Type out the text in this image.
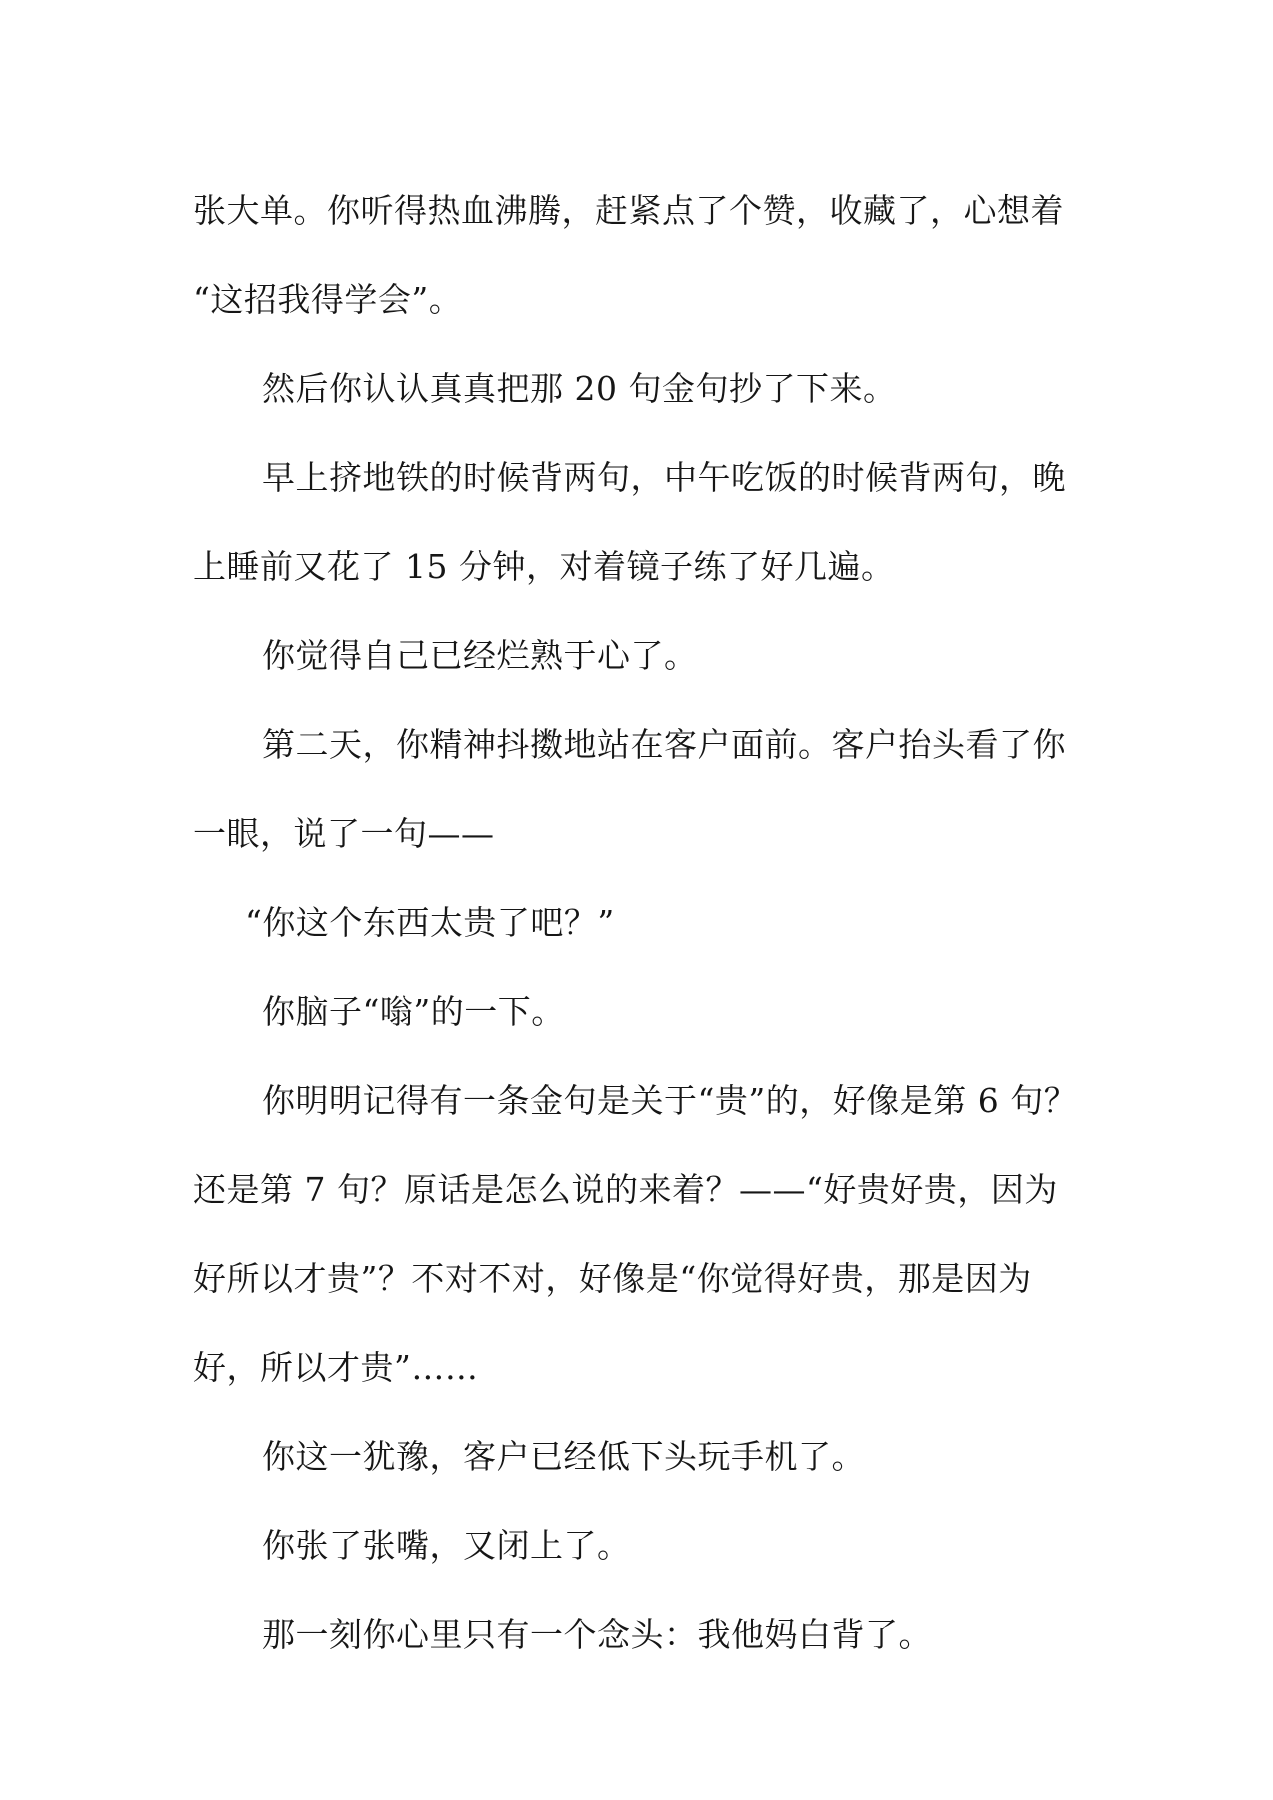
张大单。你听得热血沸腾，赶紧点了个赞，收藏了，心想着

“这招我得学会”。

然后你认认真真把那 20 句金句抄了下来。

早上挤地铁的时候背两句，中午吃饭的时候背两句，晚

上睡前又花了 15 分钟，对着镜子练了好几遍。

你觉得自己已经烂熟于心了。

第二天，你精神抖擞地站在客户面前。客户抬头看了你

一眼，说了一句——

“你这个东西太贵了吧？”

你脑子“嗡”的一下。

你明明记得有一条金句是关于“贵”的，好像是第 6 句？

还是第 7 句？原话是怎么说的来着？——“好贵好贵，因为

好所以才贵”？不对不对，好像是“你觉得好贵，那是因为

好，所以才贵”……

你这一犹豫，客户已经低下头玩手机了。

你张了张嘴，又闭上了。

那一刻你心里只有一个念头：我他妈白背了。
